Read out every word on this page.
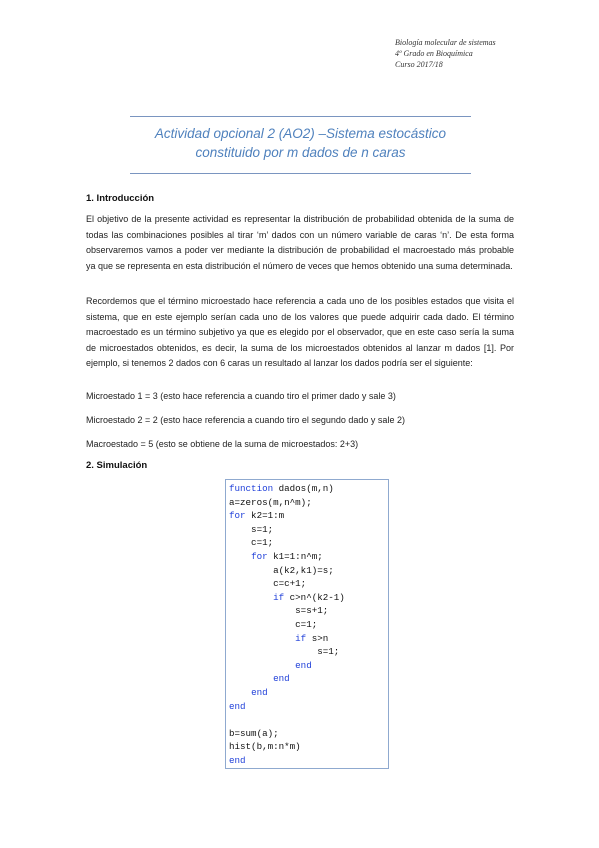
Biología molecular de sistemas
4º Grado en Bioquímica
Curso 2017/18
Actividad opcional 2 (AO2) –Sistema estocástico
constituido por m dados de n caras
1. Introducción

El objetivo de la presente actividad es representar la distribución de probabilidad obtenida de la suma de todas las combinaciones posibles al tirar ‘m’ dados con un número variable de caras ‘n’. De esta forma observaremos vamos a poder ver mediante la distribución de probabilidad el macroestado más probable ya que se representa en esta distribución el número de veces que hemos obtenido una suma determinada.

Recordemos que el término microestado hace referencia a cada uno de los posibles estados que visita el sistema, que en este ejemplo serían cada uno de los valores que puede adquirir cada dado. El término macroestado es un término subjetivo ya que es elegido por el observador, que en este caso sería la suma de microestados obtenidos, es decir, la suma de los microestados obtenidos al lanzar m dados [1]. Por ejemplo, si tenemos 2 dados con 6 caras un resultado al lanzar los dados podría ser el siguiente:

Microestado 1 = 3 (esto hace referencia a cuando tiro el primer dado y sale 3)
Microestado 2 = 2 (esto hace referencia a cuando tiro el segundo dado y sale 2)
Macroestado = 5 (esto se obtiene de la suma de microestados: 2+3)
2. Simulación
function dados(m,n)
a=zeros(m,n^m);
for k2=1:m
s=1;
c=1;
for k1=1:n^m;
a(k2,k1)=s;
c=c+1;
if c>n^(k2-1)
s=s+1;
c=1;
if s>n
s=1;
end
end
end
end
b=sum(a);
hist(b,m:n*m)
end
